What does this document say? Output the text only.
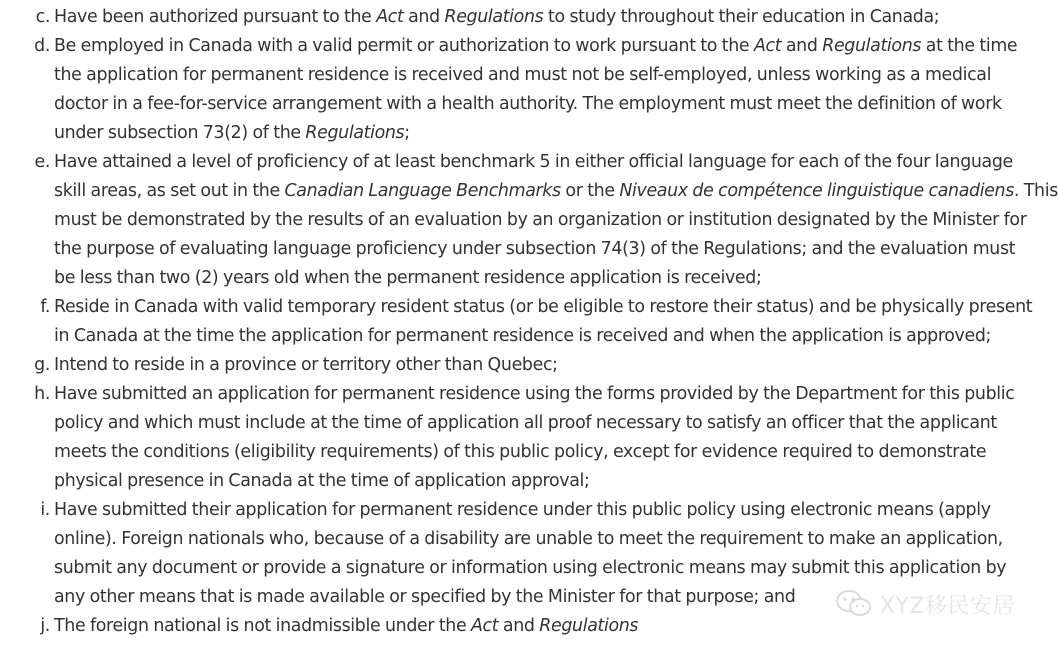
c. Have been authorized pursuant to the Act and Regulations to study throughout their education in Canada;
d. Be employed in Canada with a valid permit or authorization to work pursuant to the Act and Regulations at the time
the application for permanent residence is received and must not be self-employed, unless working as a medical
doctor in a fee-for-service arrangement with a health authority. The employment must meet the definition of work
under subsection 73(2) of the Regulations;
e. Have attained a level of proficiency of at least benchmark 5 in either official language for each of the four language
skill areas, as set out in the Canadian Language Benchmarks or the Niveaux de compétence linguistique canadiens. This
must be demonstrated by the results of an evaluation by an organization or institution designated by the Minister for
the purpose of evaluating language proficiency under subsection 74(3) of the Regulations; and the evaluation must
be less than two (2) years old when the permanent residence application is received;
f. Reside in Canada with valid temporary resident status (or be eligible to restore their status) and be physically present
in Canada at the time the application for permanent residence is received and when the application is approved;
g. Intend to reside in a province or territory other than Quebec;
h. Have submitted an application for permanent residence using the forms provided by the Department for this public
policy and which must include at the time of application all proof necessary to satisfy an officer that the applicant
meets the conditions (eligibility requirements) of this public policy, except for evidence required to demonstrate
physical presence in Canada at the time of application approval;
i. Have submitted their application for permanent residence under this public policy using electronic means (apply
online). Foreign nationals who, because of a disability are unable to meet the requirement to make an application,
submit any document or provide a signature or information using electronic means may submit this application by
any other means that is made available or specified by the Minister for that purpose; and
j. The foreign national is not inadmissible under the Act and Regulations
XYZ移民安居
